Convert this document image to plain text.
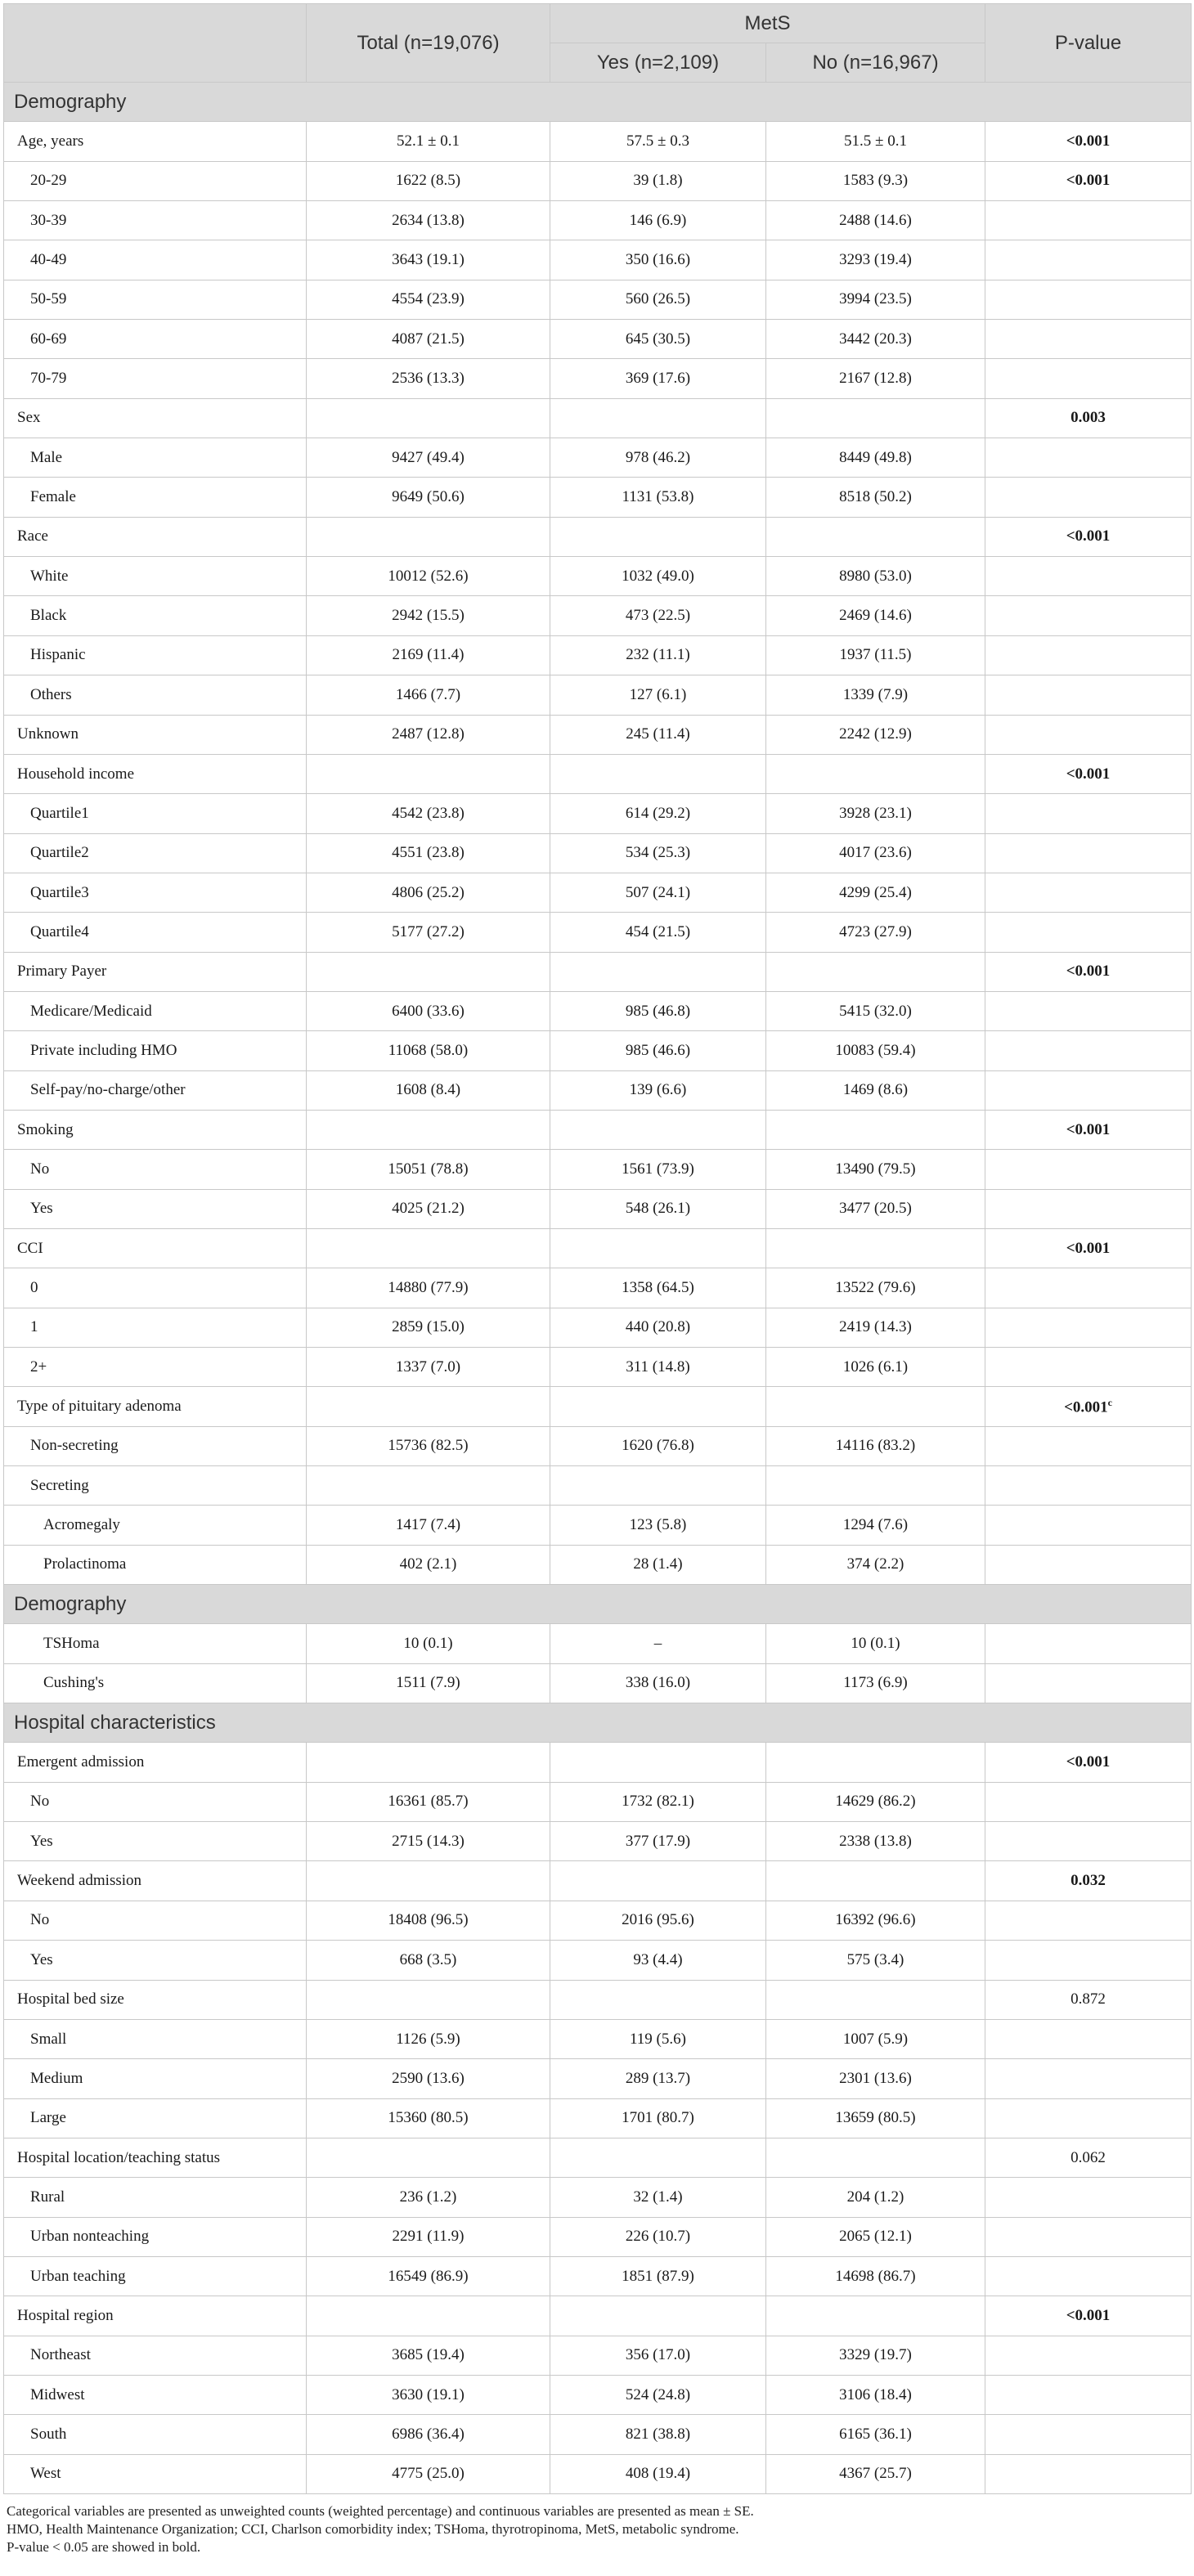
	Total (n=19,076)	MetS		P-value
		Yes (n=2,109)	No (n=16,967)	
Demography				
Age, years	52.1 ± 0.1	57.5 ± 0.3	51.5 ± 0.1	<0.001
20-29	1622 (8.5)	39 (1.8)	1583 (9.3)	<0.001
30-39	2634 (13.8)	146 (6.9)	2488 (14.6)	
40-49	3643 (19.1)	350 (16.6)	3293 (19.4)	
50-59	4554 (23.9)	560 (26.5)	3994 (23.5)	
60-69	4087 (21.5)	645 (30.5)	3442 (20.3)	
70-79	2536 (13.3)	369 (17.6)	2167 (12.8)	
Sex				0.003
Male	9427 (49.4)	978 (46.2)	8449 (49.8)	
Female	9649 (50.6)	1131 (53.8)	8518 (50.2)	
Race				<0.001
White	10012 (52.6)	1032 (49.0)	8980 (53.0)	
Black	2942 (15.5)	473 (22.5)	2469 (14.6)	
Hispanic	2169 (11.4)	232 (11.1)	1937 (11.5)	
Others	1466 (7.7)	127 (6.1)	1339 (7.9)	
Unknown	2487 (12.8)	245 (11.4)	2242 (12.9)	
Household income				<0.001
Quartile1	4542 (23.8)	614 (29.2)	3928 (23.1)	
Quartile2	4551 (23.8)	534 (25.3)	4017 (23.6)	
Quartile3	4806 (25.2)	507 (24.1)	4299 (25.4)	
Quartile4	5177 (27.2)	454 (21.5)	4723 (27.9)	
Primary Payer				<0.001
Medicare/Medicaid	6400 (33.6)	985 (46.8)	5415 (32.0)	
Private including HMO	11068 (58.0)	985 (46.6)	10083 (59.4)	
Self-pay/no-charge/other	1608 (8.4)	139 (6.6)	1469 (8.6)	
Smoking				<0.001
No	15051 (78.8)	1561 (73.9)	13490 (79.5)	
Yes	4025 (21.2)	548 (26.1)	3477 (20.5)	
CCI				<0.001
0	14880 (77.9)	1358 (64.5)	13522 (79.6)	
1	2859 (15.0)	440 (20.8)	2419 (14.3)	
2+	1337 (7.0)	311 (14.8)	1026 (6.1)	
Type of pituitary adenoma				<0.001$^c$
Non-secreting	15736 (82.5)	1620 (76.8)	14116 (83.2)	
Secreting				
Acromegaly	1417 (7.4)	123 (5.8)	1294 (7.6)	
Prolactinoma	402 (2.1)	28 (1.4)	374 (2.2)	
Demography				
TSHoma	10 (0.1)	–	10 (0.1)	
Cushing's	1511 (7.9)	338 (16.0)	1173 (6.9)	
Hospital characteristics				
Emergent admission				<0.001
No	16361 (85.7)	1732 (82.1)	14629 (86.2)	
Yes	2715 (14.3)	377 (17.9)	2338 (13.8)	
Weekend admission				0.032
No	18408 (96.5)	2016 (95.6)	16392 (96.6)	
Yes	668 (3.5)	93 (4.4)	575 (3.4)	
Hospital bed size				0.872
Small	1126 (5.9)	119 (5.6)	1007 (5.9)	
Medium	2590 (13.6)	289 (13.7)	2301 (13.6)	
Large	15360 (80.5)	1701 (80.7)	13659 (80.5)	
Hospital location/teaching status				0.062
Rural	236 (1.2)	32 (1.4)	204 (1.2)	
Urban nonteaching	2291 (11.9)	226 (10.7)	2065 (12.1)	
Urban teaching	16549 (86.9)	1851 (87.9)	14698 (86.7)	
Hospital region				<0.001
Northeast	3685 (19.4)	356 (17.0)	3329 (19.7)	
Midwest	3630 (19.1)	524 (24.8)	3106 (18.4)	
South	6986 (36.4)	821 (38.8)	6165 (36.1)	
West	4775 (25.0)	408 (19.4)	4367 (25.7)	
Categorical variables are presented as unweighted counts (weighted percentage) and continuous variables are presented as mean ± SE.
HMO, Health Maintenance Organization; CCI, Charlson comorbidity index; TSHoma, thyrotropinoma, MetS, metabolic syndrome.
P-value < 0.05 are showed in bold.
